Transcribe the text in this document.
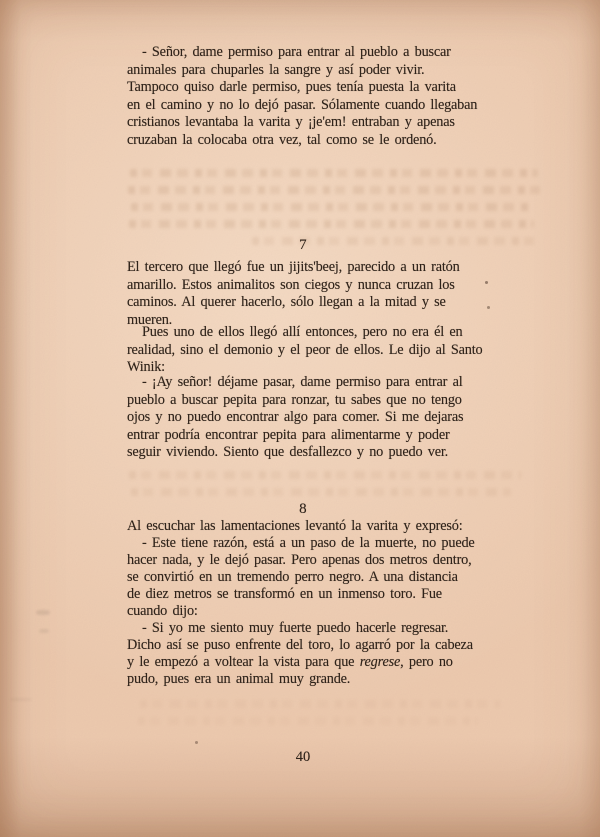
- Señor, dame permiso para entrar al pueblo a buscar
animales para chuparles la sangre y así poder vivir.
Tampoco quiso darle permiso, pues tenía puesta la varita
en el camino y no lo dejó pasar. Sólamente cuando llegaban
cristianos levantaba la varita y ¡je'em! entraban y apenas
cruzaban la colocaba otra vez, tal como se le ordenó.
7
El tercero que llegó fue un jijits'beej, parecido a un ratón
amarillo. Estos animalitos son ciegos y nunca cruzan los
caminos. Al querer hacerlo, sólo llegan a la mitad y se
mueren.
Pues uno de ellos llegó allí entonces, pero no era él en
realidad, sino el demonio y el peor de ellos. Le dijo al Santo
Winik:
- ¡Ay señor! déjame pasar, dame permiso para entrar al
pueblo a buscar pepita para ronzar, tu sabes que no tengo
ojos y no puedo encontrar algo para comer. Si me dejaras
entrar podría encontrar pepita para alimentarme y poder
seguir viviendo. Siento que desfallezco y no puedo ver.
8
Al escuchar las lamentaciones levantó la varita y expresó:
- Este tiene razón, está a un paso de la muerte, no puede
hacer nada, y le dejó pasar. Pero apenas dos metros dentro,
se convirtió en un tremendo perro negro. A una distancia
de diez metros se transformó en un inmenso toro. Fue
cuando dijo:
- Si yo me siento muy fuerte puedo hacerle regresar.
Dicho así se puso enfrente del toro, lo agarró por la cabeza
y le empezó a voltear la vista para que regrese, pero no
pudo, pues era un animal muy grande.
40
